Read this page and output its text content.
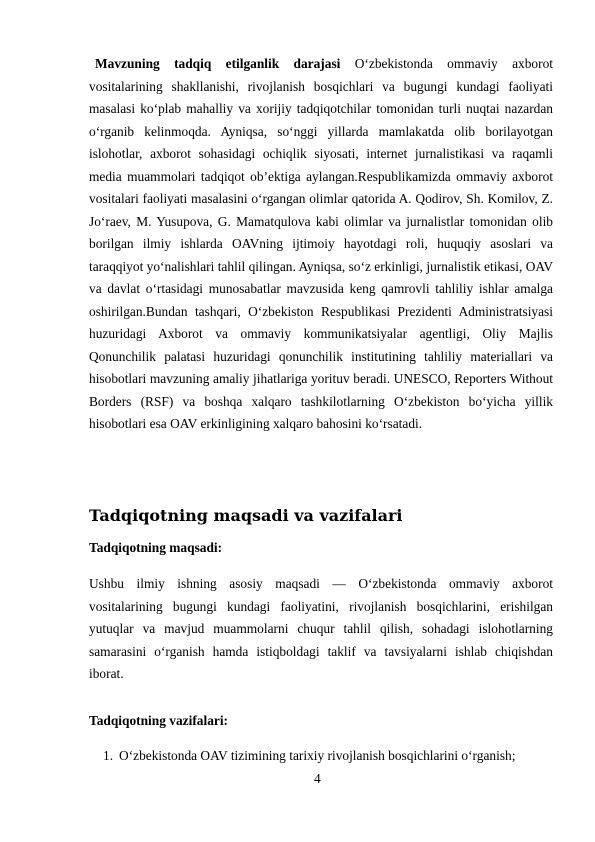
Mavzuning tadqiq etilganlik darajasi O‘zbekistonda ommaviy axborot vositalarining shakllanishi, rivojlanish bosqichlari va bugungi kundagi faoliyati masalasi ko‘plab mahalliy va xorijiy tadqiqotchilar tomonidan turli nuqtai nazardan o‘rganib kelinmoqda. Ayniqsa, so‘nggi yillarda mamlakatda olib borilayotgan islohotlar, axborot sohasidagi ochiqlik siyosati, internet jurnalistikasi va raqamli media muammolari tadqiqot ob’ektiga aylangan.Respublikamizda ommaviy axborot vositalari faoliyati masalasini o‘rgangan olimlar qatorida A. Qodirov, Sh. Komilov, Z. Jo‘raev, M. Yusupova, G. Mamatqulova kabi olimlar va jurnalistlar tomonidan olib borilgan ilmiy ishlarda OAVning ijtimoiy hayotdagi roli, huquqiy asoslari va taraqqiyot yo‘nalishlari tahlil qilingan. Ayniqsa, so‘z erkinligi, jurnalistik etikasi, OAV va davlat o‘rtasidagi munosabatlar mavzusida keng qamrovli tahliliy ishlar amalga oshirilgan.Bundan tashqari, O‘zbekiston Respublikasi Prezidenti Administratsiyasi huzuridagi Axborot va ommaviy kommunikatsiyalar agentligi, Oliy Majlis Qonunchilik palatasi huzuridagi qonunchilik institutining tahliliy materiallari va hisobotlari mavzuning amaliy jihatlariga yorituv beradi. UNESCO, Reporters Without Borders (RSF) va boshqa xalqaro tashkilotlarning O‘zbekiston bo‘yicha yillik hisobotlari esa OAV erkinligining xalqaro bahosini ko‘rsatadi.

Tadqiqotning maqsadi va vazifalari
Tadqiqotning maqsadi:

Ushbu ilmiy ishning asosiy maqsadi — O‘zbekistonda ommaviy axborot vositalarining bugungi kundagi faoliyatini, rivojlanish bosqichlarini, erishilgan yutuqlar va mavjud muammolarni chuqur tahlil qilish, sohadagi islohotlarning samarasini o‘rganish hamda istiqboldagi taklif va tavsiyalarni ishlab chiqishdan iborat.

Tadqiqotning vazifalari:
1. O‘zbekistonda OAV tizimining tarixiy rivojlanish bosqichlarini o‘rganish;
4
